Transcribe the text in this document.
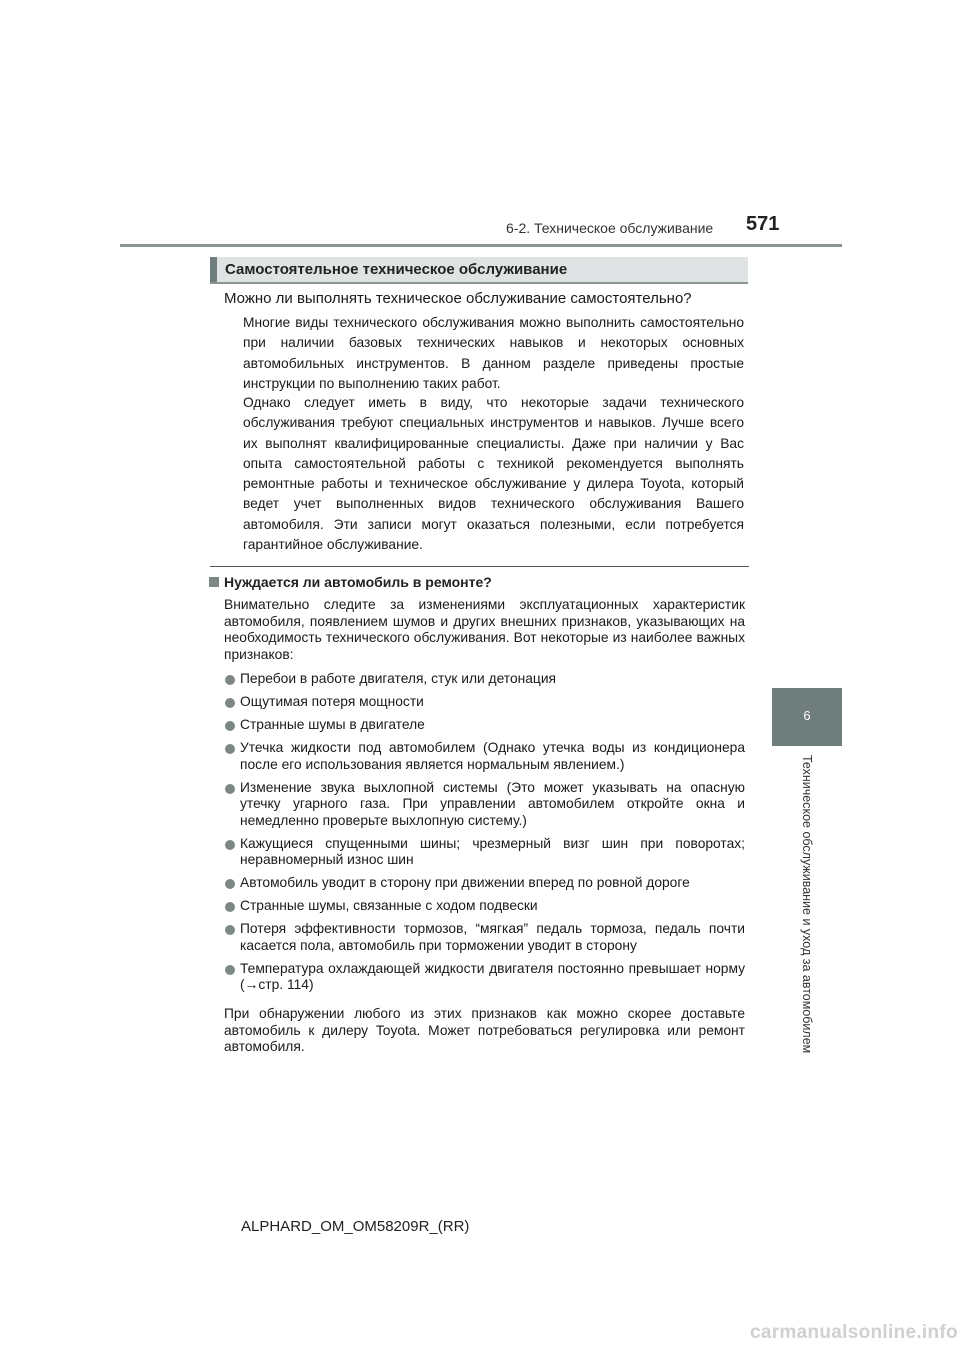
6-2. Техническое обслуживание 571
6
Техническое обслуживание и уход за автомобилем
Самостоятельное техническое обслуживание
Можно ли выполнять техническое обслуживание самостоятельно?
Многие виды технического обслуживания можно выполнить самостоятельно при наличии базовых технических навыков и некоторых основных автомобильных инструментов. В данном разделе приведены простые инструкции по выполнению таких работ.
Однако следует иметь в виду, что некоторые задачи технического обслуживания требуют специальных инструментов и навыков. Лучше всего их выполнят квалифицированные специалисты. Даже при наличии у Вас опыта самостоятельной работы с техникой рекомендуется выполнять ремонтные работы и техническое обслуживание у дилера Toyota, который ведет учет выполненных видов технического обслуживания Вашего автомобиля. Эти записи могут оказаться полезными, если потребуется гарантийное обслуживание.
Нуждается ли автомобиль в ремонте?
Внимательно следите за изменениями эксплуатационных характеристик автомобиля, появлением шумов и других внешних признаков, указывающих на необходимость технического обслуживания. Вот некоторые из наиболее важных признаков:
Перебои в работе двигателя, стук или детонация
Ощутимая потеря мощности
Странные шумы в двигателе
Утечка жидкости под автомобилем (Однако утечка воды из кондиционера после его использования является нормальным явлением.)
Изменение звука выхлопной системы (Это может указывать на опасную утечку угарного газа. При управлении автомобилем откройте окна и немедленно проверьте выхлопную систему.)
Кажущиеся спущенными шины; чрезмерный визг шин при поворотах; неравномерный износ шин
Автомобиль уводит в сторону при движении вперед по ровной дороге
Странные шумы, связанные с ходом подвески
Потеря эффективности тормозов, “мягкая” педаль тормоза, педаль почти касается пола, автомобиль при торможении уводит в сторону
Температура охлаждающей жидкости двигателя постоянно превышает норму (→стр. 114)
При обнаружении любого из этих признаков как можно скорее доставьте автомобиль к дилеру Toyota. Может потребоваться регулировка или ремонт автомобиля.
ALPHARD_OM_OM58209R_(RR)
carmanualsonline.info
